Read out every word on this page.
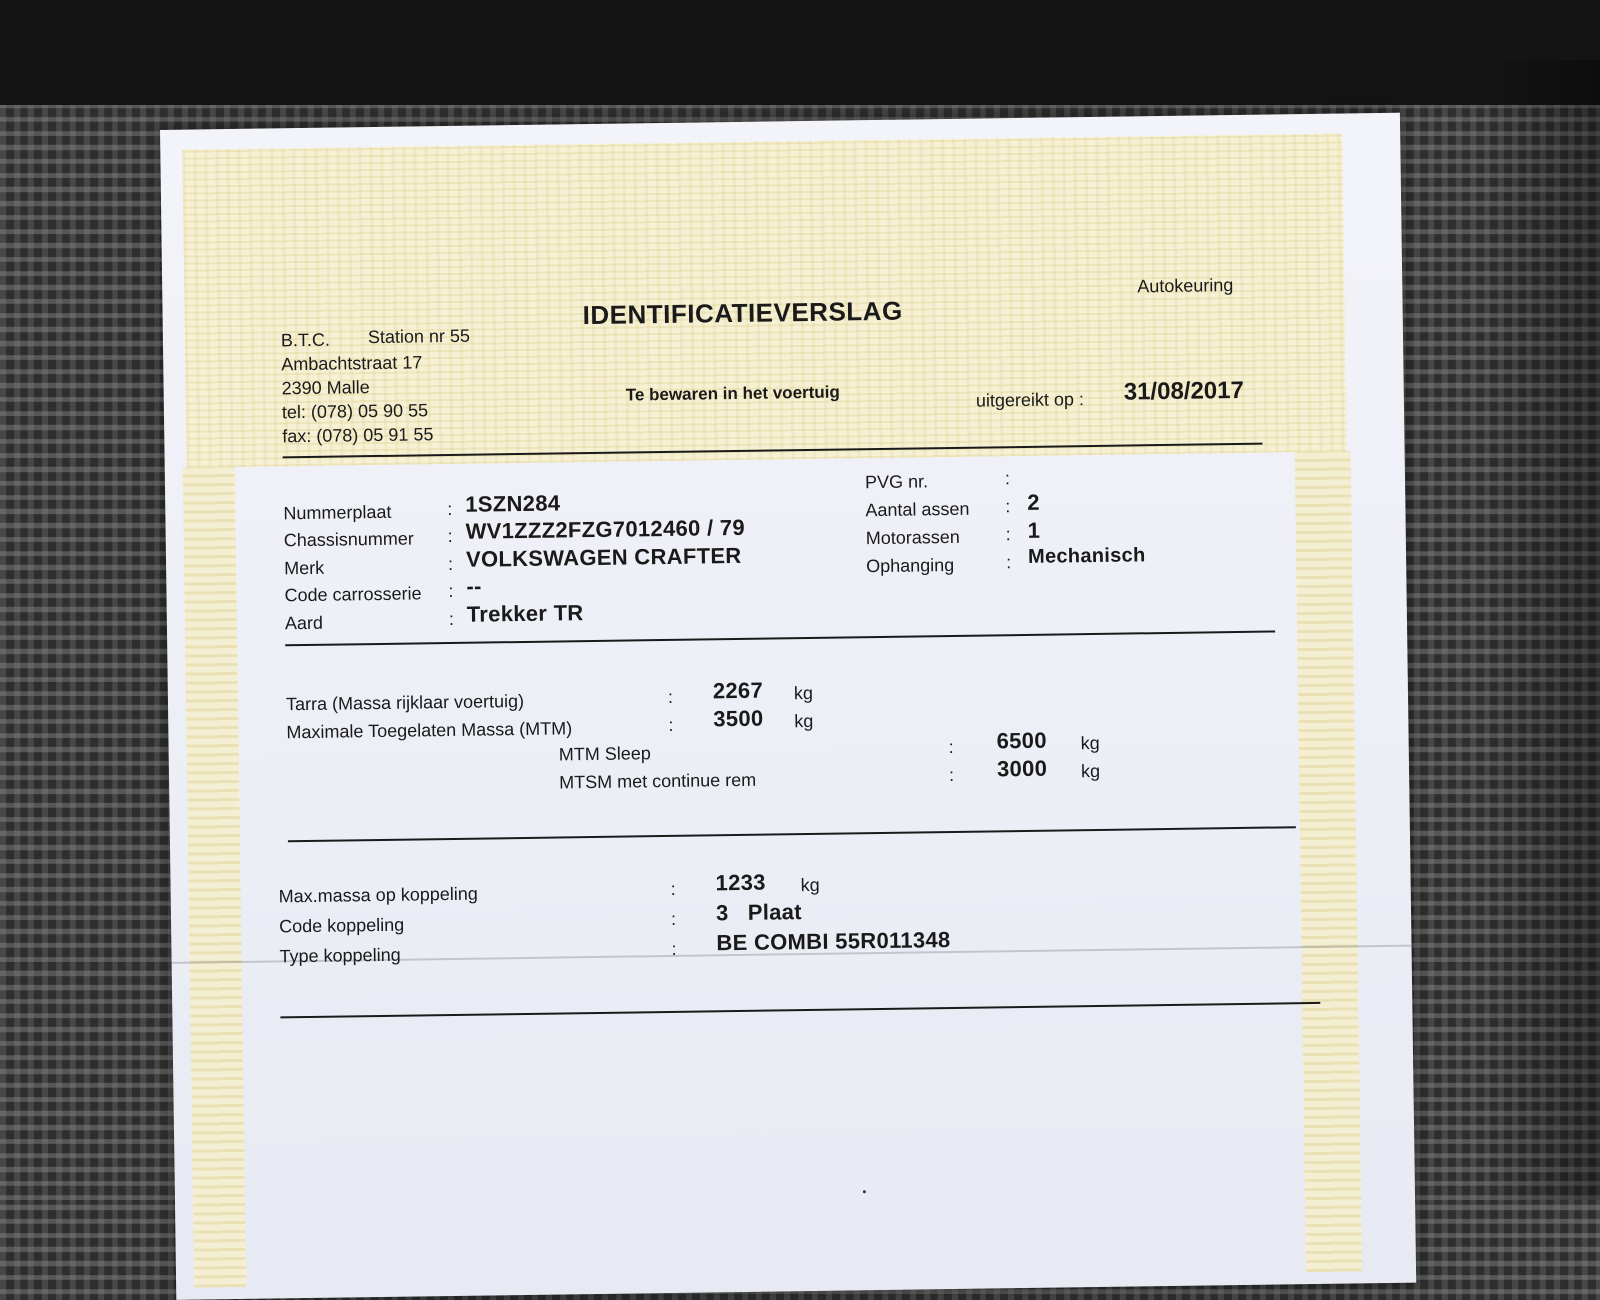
B.T.C. Station nr 55
Ambachtstraat 17
2390 Malle
tel: (078) 05 90 55
fax: (078) 05 91 55
IDENTIFICATIEVERSLAG
Autokeuring
Te bewaren in het voertuig	uitgereikt op : 31/08/2017
Nummerplaat	: 1SZN284
Chassisnummer : WV1ZZZ2FZG7012460 / 79
Merk	: VOLKSWAGEN CRAFTER
Code carrosserie : --
Aard	: Trekker TR
PVG nr.	:
Aantal assen : 2
Motorassen	: 1
Ophanging	: Mechanisch
Tarra (Massa rijklaar voertuig)	: 2267 kg
Maximale Toegelaten Massa (MTM)	: 3500 kg
MTM Sleep	: 6500 kg
MTSM met continue rem	: 3000 kg
Max.massa op koppeling	: 1233 kg
Code koppeling	: 3   Plaat
Type koppeling	: BE COMBI 55R011348
